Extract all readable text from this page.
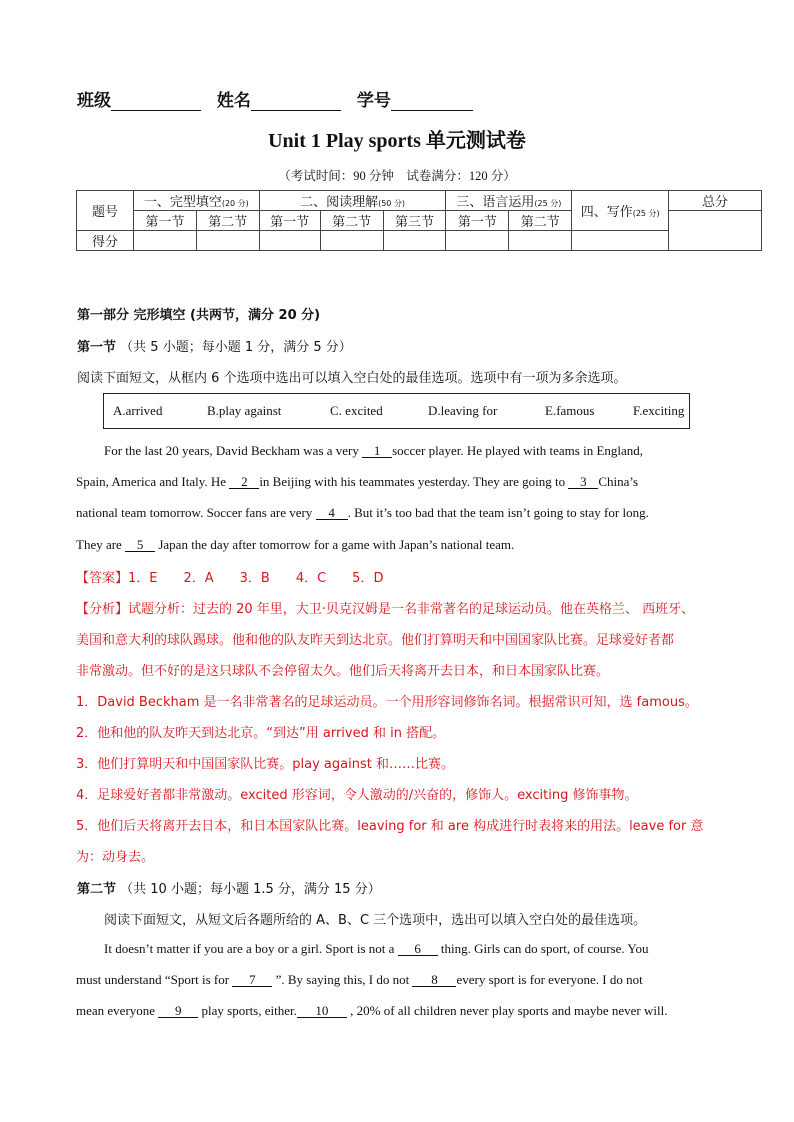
班级	姓名	学号
Unit 1 Play sports 单元测试卷
（考试时间：90 分钟　试卷满分：120 分）
题号	一、完型填空(20 分)		二、阅读理解(50 分)			三、语言运用(25 分)		四、写作(25 分)	总分
	第一节	第二节	第一节	第二节	第三节	第一节	第二节		
得分									
第一部分 完形填空 (共两节，满分 20 分)
第一节 （共 5 小题；每小题 1 分，满分 5 分）
阅读下面短文，从框内 6 个选项中选出可以填入空白处的最佳选项。选项中有一项为多余选项。
A.arrived	B.play against	C. excited	D.leaving for	E.famous	F.exciting
For the last 20 years, David Beckham was a very 1 soccer player. He played with teams in England,
Spain, America and Italy. He 2 in Beijing with his teammates yesterday. They are going to 3 China’s
national team tomorrow. Soccer fans are very 4 . But it’s too bad that the team isn’t going to stay for long.
They are 5 Japan the day after tomorrow for a game with Japan’s national team.
【答案】1．E　　2．A　　3．B　　4．C　　5．D
【分析】试题分析：过去的 20 年里，大卫·贝克汉姆是一名非常著名的足球运动员。他在英格兰、 西班牙、
美国和意大利的球队踢球。他和他的队友昨天到达北京。他们打算明天和中国国家队比赛。足球爱好者都
非常激动。但不好的是这只球队不会停留太久。他们后天将离开去日本，和日本国家队比赛。
1．David Beckham 是一名非常著名的足球运动员。一个用形容词修饰名词。根据常识可知，选 famous。
2．他和他的队友昨天到达北京。“到达”用 arrived 和 in 搭配。
3．他们打算明天和中国国家队比赛。play against 和……比赛。
4．足球爱好者都非常激动。excited 形容词，令人激动的/兴奋的，修饰人。exciting 修饰事物。
5．他们后天将离开去日本，和日本国家队比赛。leaving for 和 are 构成进行时表将来的用法。leave for 意
为：动身去。
第二节 （共 10 小题；每小题 1.5 分，满分 15 分）
阅读下面短文，从短文后各题所给的 A、B、C 三个选项中，选出可以填入空白处的最佳选项。
It doesn’t matter if you are a boy or a girl. Sport is not a 6 thing. Girls can do sport, of course. You
must understand “Sport is for 7 ”. By saying this, I do not 8 every sport is for everyone. I do not
mean everyone 9 play sports, either. 10 , 20% of all children never play sports and maybe never will.
